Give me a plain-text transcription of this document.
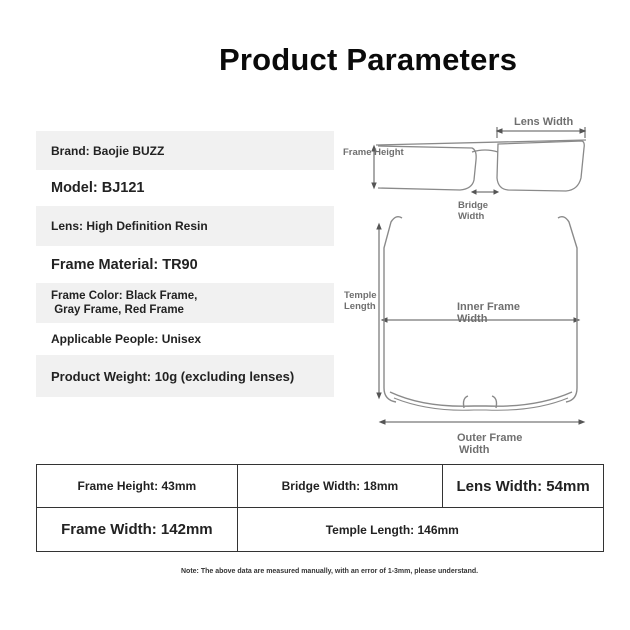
Product Parameters
Brand: Baojie BUZZ
Model: BJ121
Lens: High Definition Resin
Frame Material: TR90
Frame Color: Black Frame,
Gray Frame, Red Frame
Applicable People: Unisex
Product Weight: 10g (excluding lenses)
Lens Width
Frame Height
Bridge
Width
Temple
Length	Inner Frame
Width
Outer Frame
Width
Frame Height: 43mm	Bridge Width: 18mm	Lens Width: 54mm
Frame Width: 142mm	Temple Length: 146mm	
Note: The above data are measured manually, with an error of 1-3mm, please understand.
